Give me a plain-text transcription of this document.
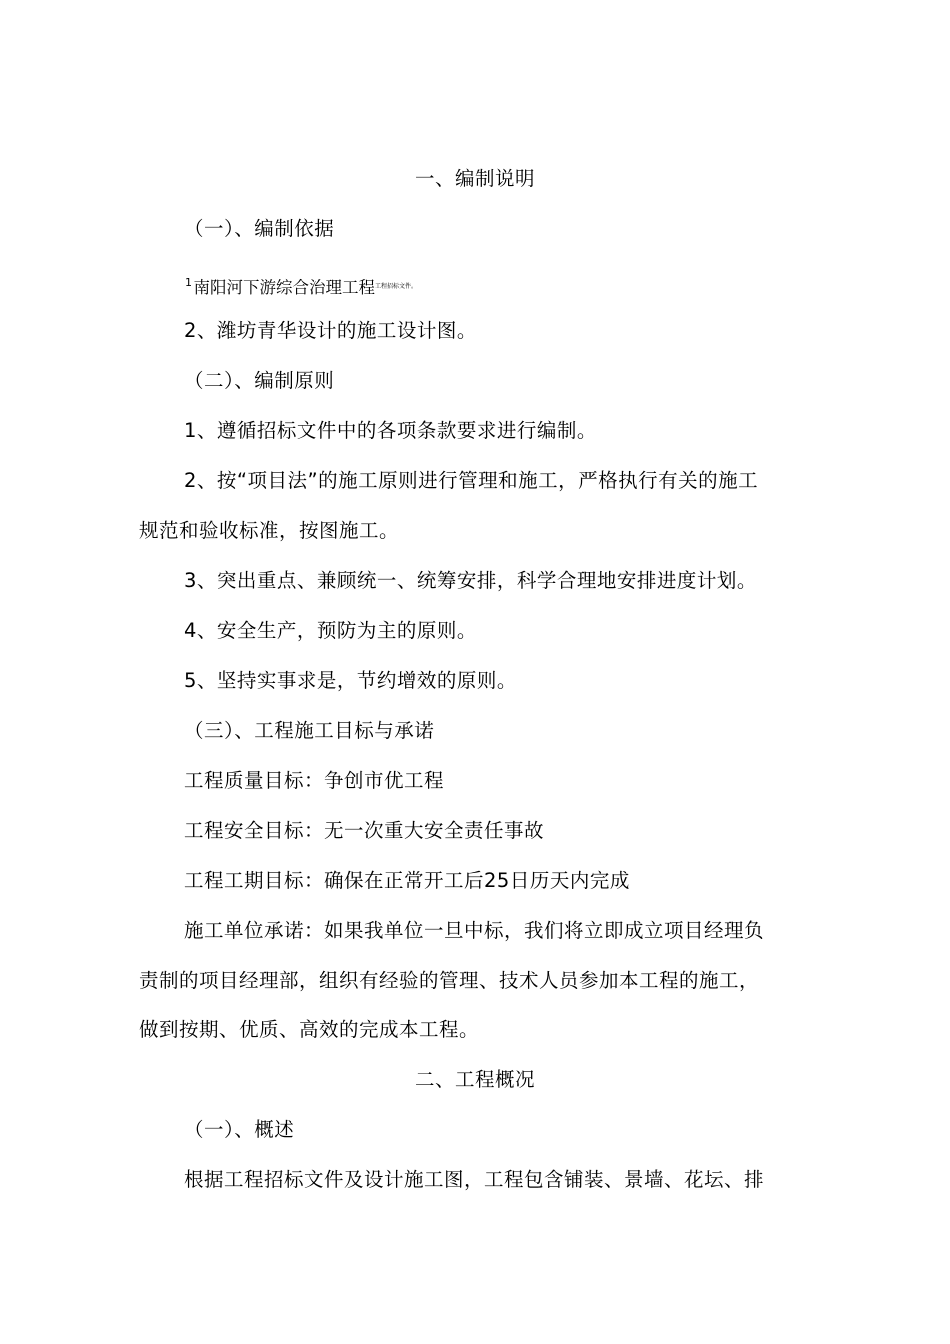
一、编制说明
（一）、编制依据
$^1$南阳河下游综合治理工程$^{工程招标文件。}$
2、潍坊青华设计的施工设计图。
（二）、编制原则
1、遵循招标文件中的各项条款要求进行编制。
2、按“项目法”的施工原则进行管理和施工，严格执行有关的施工
规范和验收标准，按图施工。
3、突出重点、兼顾统一、统筹安排，科学合理地安排进度计划。
4、安全生产，预防为主的原则。
5、坚持实事求是，节约增效的原则。
（三）、工程施工目标与承诺
工程质量目标：争创市优工程
工程安全目标：无一次重大安全责任事故
工程工期目标：确保在正常开工后25日历天内完成
施工单位承诺：如果我单位一旦中标，我们将立即成立项目经理负
责制的项目经理部，组织有经验的管理、技术人员参加本工程的施工，
做到按期、优质、高效的完成本工程。
二、工程概况
（一）、概述
根据工程招标文件及设计施工图，工程包含铺装、景墙、花坛、排
